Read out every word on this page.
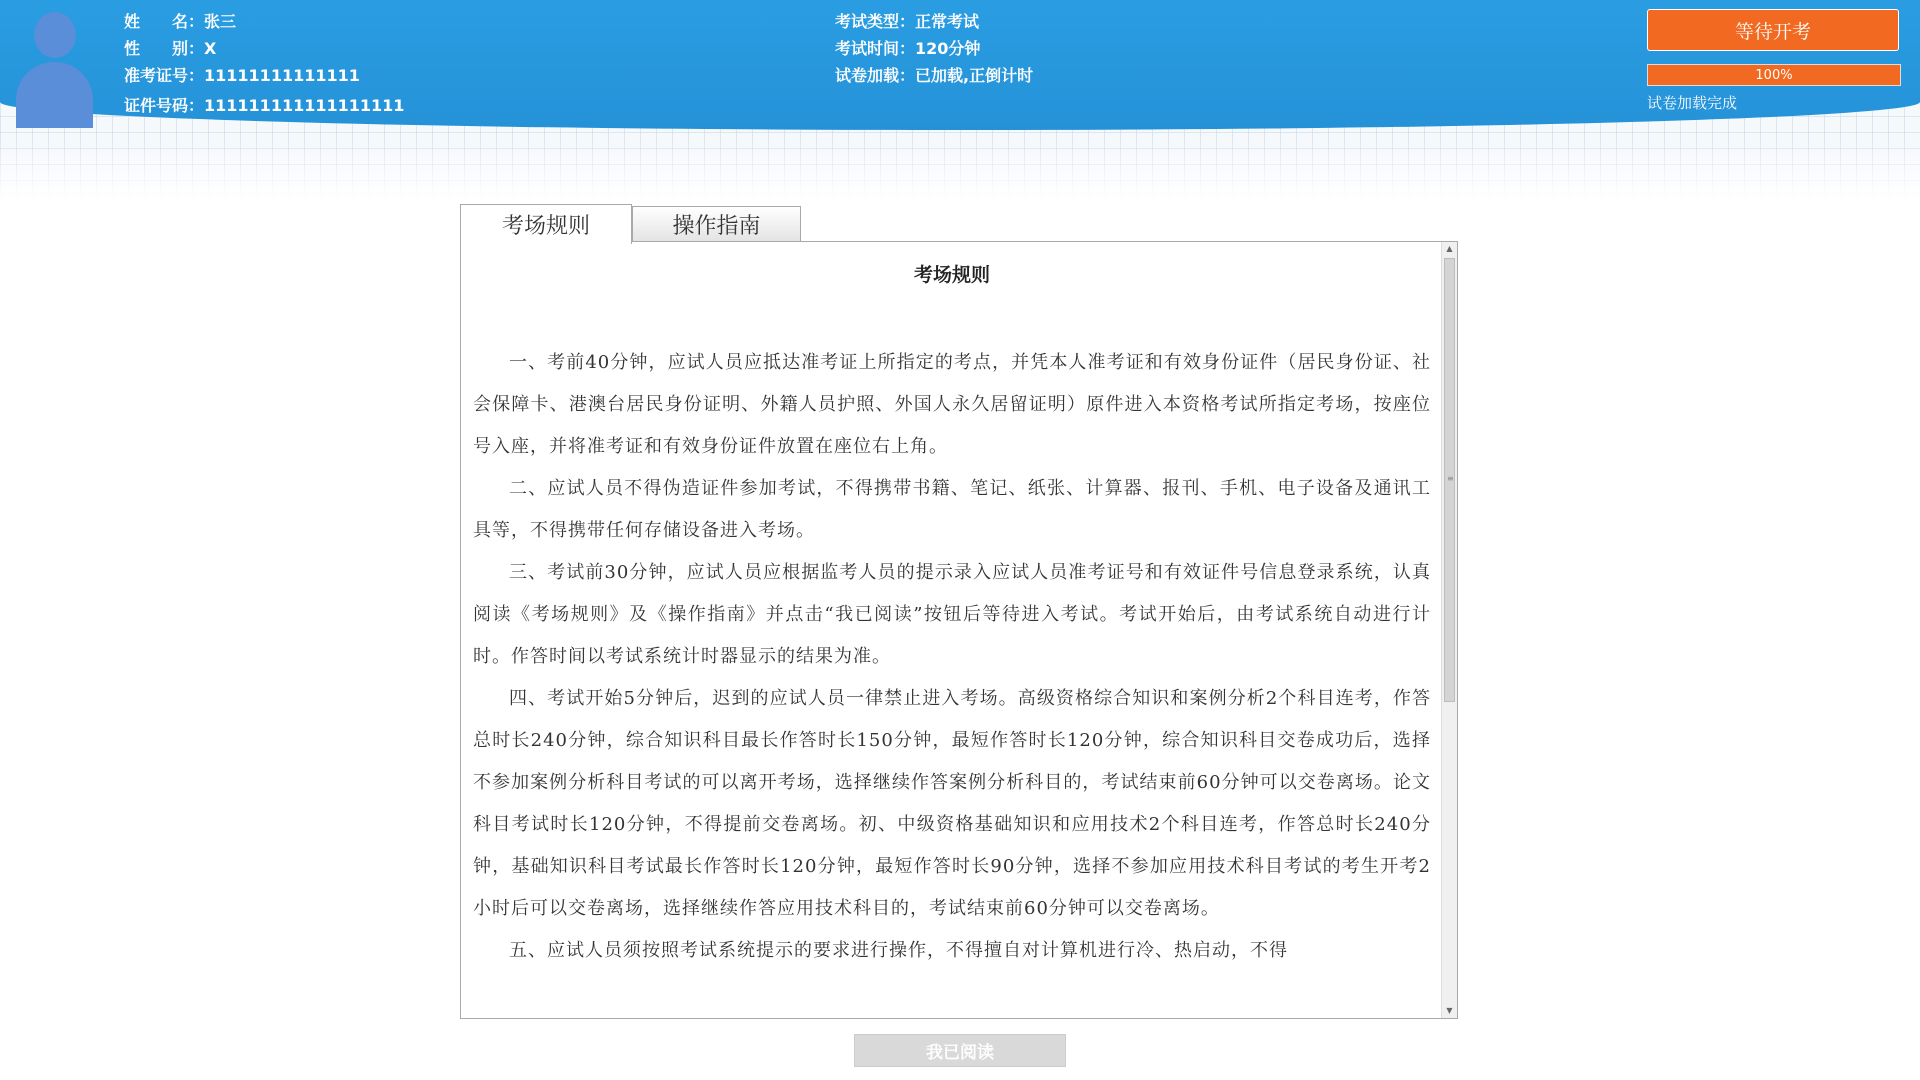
姓　　名：张三
性　　别：X
准考证号：11111111111111
证件号码：111111111111111111
考试类型：正常考试
考试时间：120分钟
试卷加载：已加载,正倒计时
等待开考
100%
试卷加载完成
考场规则	操作指南
考场规则

一、考前40分钟，应试人员应抵达准考证上所指定的考点，并凭本人准考证和有效身份证件（居民身份证、社会保障卡、港澳台居民身份证明、外籍人员护照、外国人永久居留证明）原件进入本资格考试所指定考场，按座位号入座，并将准考证和有效身份证件放置在座位右上角。

二、应试人员不得伪造证件参加考试，不得携带书籍、笔记、纸张、计算器、报刊、手机、电子设备及通讯工具等，不得携带任何存储设备进入考场。

三、考试前30分钟，应试人员应根据监考人员的提示录入应试人员准考证号和有效证件号信息登录系统，认真阅读《考场规则》及《操作指南》并点击“我已阅读”按钮后等待进入考试。考试开始后，由考试系统自动进行计时。作答时间以考试系统计时器显示的结果为准。

四、考试开始5分钟后，迟到的应试人员一律禁止进入考场。高级资格综合知识和案例分析2个科目连考，作答总时长240分钟，综合知识科目最长作答时长150分钟，最短作答时长120分钟，综合知识科目交卷成功后，选择不参加案例分析科目考试的可以离开考场，选择继续作答案例分析科目的，考试结束前60分钟可以交卷离场。论文科目考试时长120分钟，不得提前交卷离场。初、中级资格基础知识和应用技术2个科目连考，作答总时长240分钟，基础知识科目考试最长作答时长120分钟，最短作答时长90分钟，选择不参加应用技术科目考试的考生开考2小时后可以交卷离场，选择继续作答应用技术科目的，考试结束前60分钟可以交卷离场。

五、应试人员须按照考试系统提示的要求进行操作，不得擅自对计算机进行冷、热启动，不得

▲
≡
▼
我已阅读
